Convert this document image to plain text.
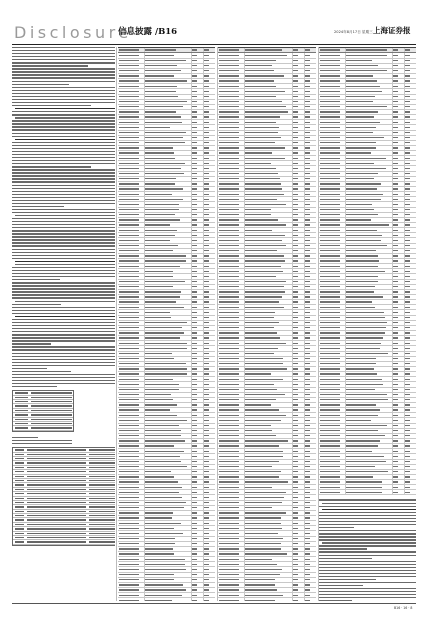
Disclosure
信息披露 /B16	2024年8月17日 星期三 上海证券报
B16 · 16 · 8
